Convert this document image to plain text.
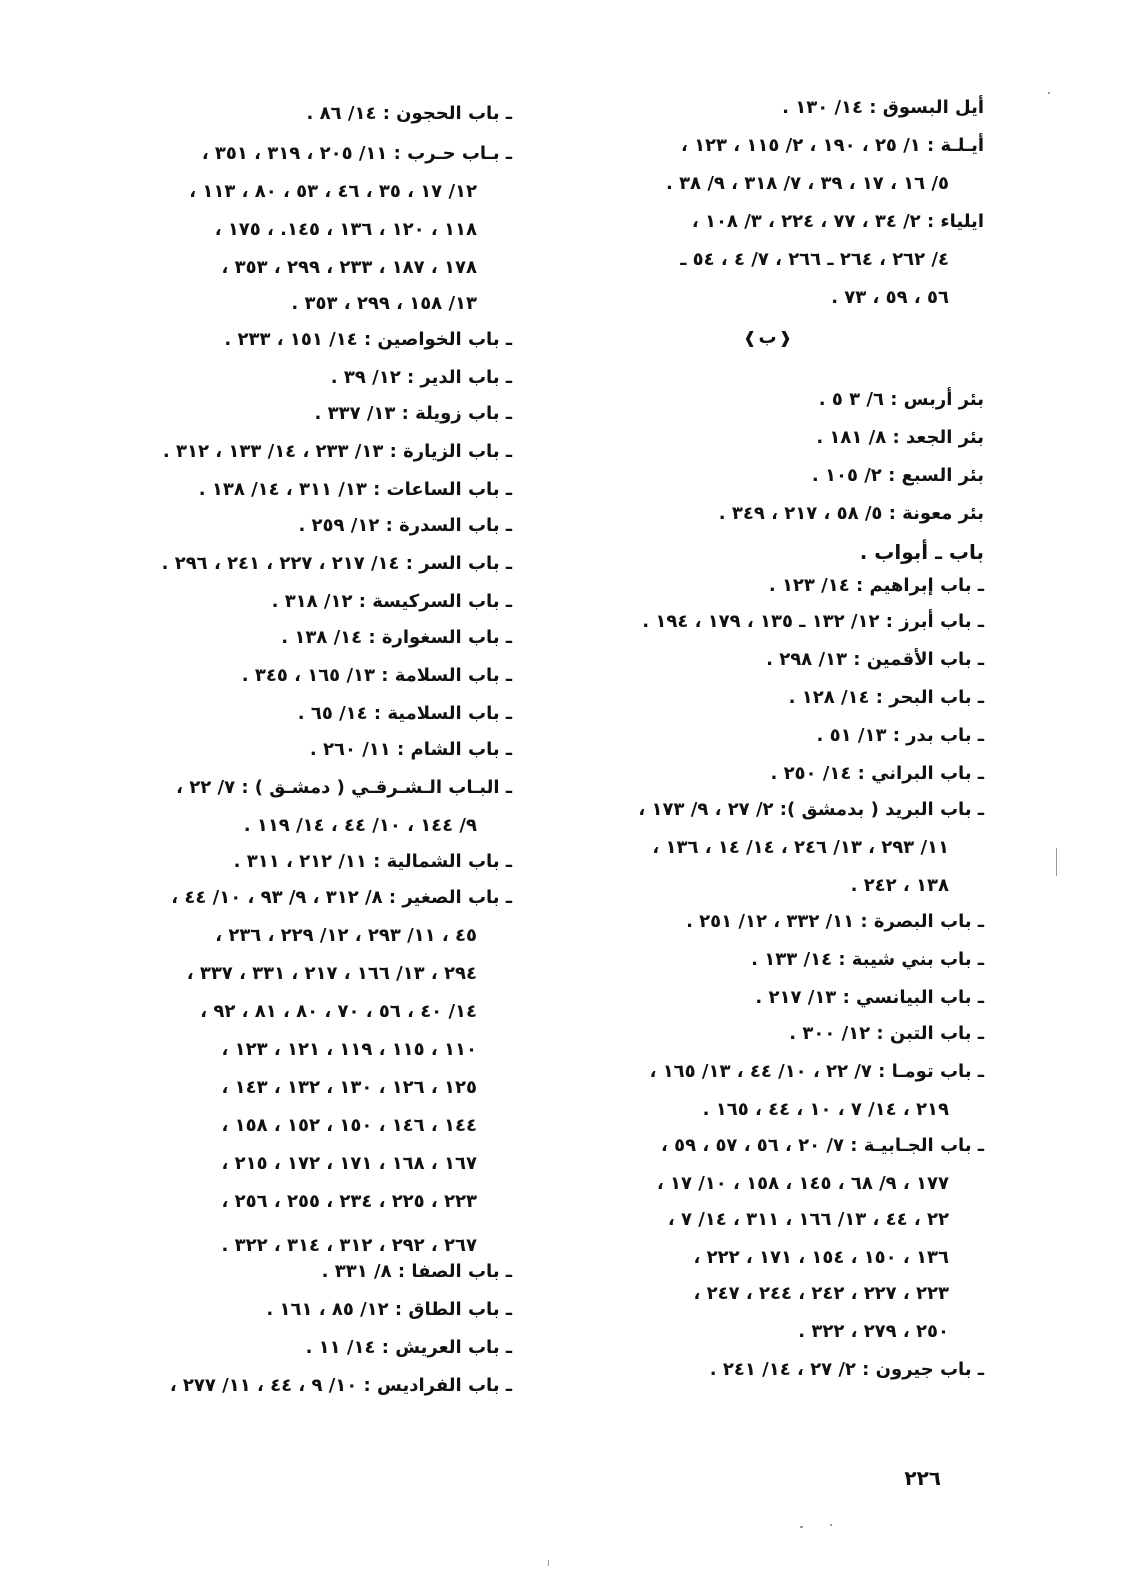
أيل البسوق : ١٤/ ١٣٠ .
أيـلـة : ١/ ٢٥ ، ١٩٠ ، ٢/ ١١٥ ، ١٢٣ ،
٥/ ١٦ ، ١٧ ، ٣٩ ، ٧/ ٣١٨ ، ٩/ ٣٨ .
ايلياء : ٢/ ٣٤ ، ٧٧ ، ٢٢٤ ، ٣/ ١٠٨ ،
٤/ ٢٦٢ ، ٢٦٤ ـ ٢٦٦ ، ٧/ ٤ ، ٥٤ ـ
٥٦ ، ٥٩ ، ٧٣ .
❰ب❱
بئر أربس : ٦/ ٣ ٥ .
بئر الجعد : ٨/ ١٨١ .
بئر السبع : ٢/ ١٠٥ .
بئر معونة : ٥/ ٥٨ ، ٢١٧ ، ٣٤٩ .
باب ـ أبواب .
ـ باب إبراهيم : ١٤/ ١٢٣ .
ـ باب أبرز : ١٢/ ١٣٢ ـ ١٣٥ ، ١٧٩ ، ١٩٤ .
ـ باب الأقمين : ١٣/ ٢٩٨ .
ـ باب البحر : ١٤/ ١٢٨ .
ـ باب بدر : ١٣/ ٥١ .
ـ باب البراني : ١٤/ ٢٥٠ .
ـ باب البريد ( بدمشق ): ٢/ ٢٧ ، ٩/ ١٧٣ ،
١١/ ٢٩٣ ، ١٣/ ٢٤٦ ، ١٤/ ١٤ ، ١٣٦ ،
١٣٨ ، ٢٤٢ .
ـ باب البصرة : ١١/ ٣٣٢ ، ١٢/ ٢٥١ .
ـ باب بني شيبة : ١٤/ ١٣٣ .
ـ باب البيانسي : ١٣/ ٢١٧ .
ـ باب التبن : ١٢/ ٣٠٠ .
ـ باب تومـا : ٧/ ٢٢ ، ١٠/ ٤٤ ، ١٣/ ١٦٥ ،
٢١٩ ، ١٤/ ٧ ، ١٠ ، ٤٤ ، ١٦٥ .
ـ باب الجـابيـة : ٧/ ٢٠ ، ٥٦ ، ٥٧ ، ٥٩ ،
١٧٧ ، ٩/ ٦٨ ، ١٤٥ ، ١٥٨ ، ١٠/ ١٧ ،
٢٢ ، ٤٤ ، ١٣/ ١٦٦ ، ٣١١ ، ١٤/ ٧ ،
١٣٦ ، ١٥٠ ، ١٥٤ ، ١٧١ ، ٢٢٢ ،
٢٢٣ ، ٢٢٧ ، ٢٤٢ ، ٢٤٤ ، ٢٤٧ ،
٢٥٠ ، ٢٧٩ ، ٣٢٢ .
ـ باب جيرون : ٢/ ٢٧ ، ١٤/ ٢٤١ .
ـ باب الحجون : ١٤/ ٨٦ .
ـ بـاب حـرب : ١١/ ٢٠٥ ، ٣١٩ ، ٣٥١ ،
١٢/ ١٧ ، ٣٥ ، ٤٦ ، ٥٣ ، ٨٠ ، ١١٣ ،
١١٨ ، ١٢٠ ، ١٣٦ ، ١٤٥. ، ١٧٥ ،
١٧٨ ، ١٨٧ ، ٢٣٣ ، ٢٩٩ ، ٣٥٣ ،
١٣/ ١٥٨ ، ٢٩٩ ، ٣٥٣ .
ـ باب الخواصين : ١٤/ ١٥١ ، ٢٣٣ .
ـ باب الدير : ١٢/ ٣٩ .
ـ باب زويلة : ١٣/ ٣٣٧ .
ـ باب الزيارة : ١٣/ ٢٣٣ ، ١٤/ ١٣٣ ، ٣١٢ .
ـ باب الساعات : ١٣/ ٣١١ ، ١٤/ ١٣٨ .
ـ باب السدرة : ١٢/ ٢٥٩ .
ـ باب السر : ١٤/ ٢١٧ ، ٢٢٧ ، ٢٤١ ، ٢٩٦ .
ـ باب السركيسة : ١٢/ ٣١٨ .
ـ باب السغوارة : ١٤/ ١٣٨ .
ـ باب السلامة : ١٣/ ١٦٥ ، ٣٤٥ .
ـ باب السلامية : ١٤/ ٦٥ .
ـ باب الشام : ١١/ ٢٦٠ .
ـ البـاب الـشـرقـي ( دمشـق ) : ٧/ ٢٢ ،
٩/ ١٤٤ ، ١٠/ ٤٤ ، ١٤/ ١١٩ .
ـ باب الشمالية : ١١/ ٢١٢ ، ٣١١ .
ـ باب الصغير : ٨/ ٣١٢ ، ٩/ ٩٣ ، ١٠/ ٤٤ ،
٤٥ ، ١١/ ٢٩٣ ، ١٢/ ٢٢٩ ، ٢٣٦ ،
٢٩٤ ، ١٣/ ١٦٦ ، ٢١٧ ، ٣٣١ ، ٣٣٧ ،
١٤/ ٤٠ ، ٥٦ ، ٧٠ ، ٨٠ ، ٨١ ، ٩٢ ،
١١٠ ، ١١٥ ، ١١٩ ، ١٢١ ، ١٢٣ ،
١٢٥ ، ١٢٦ ، ١٣٠ ، ١٣٢ ، ١٤٣ ،
١٤٤ ، ١٤٦ ، ١٥٠ ، ١٥٢ ، ١٥٨ ،
١٦٧ ، ١٦٨ ، ١٧١ ، ١٧٢ ، ٢١٥ ،
٢٢٣ ، ٢٢٥ ، ٢٣٤ ، ٢٥٥ ، ٢٥٦ ،
٢٦٧ ، ٢٩٢ ، ٣١٢ ، ٣١٤ ، ٣٢٢ .
ـ باب الصفا : ٨/ ٣٣١ .
ـ باب الطاق : ١٢/ ٨٥ ، ١٦١ .
ـ باب العريش : ١٤/ ١١ .
ـ باب الفراديس : ١٠/ ٩ ، ٤٤ ، ١١/ ٢٧٧ ،
٢٢٦
